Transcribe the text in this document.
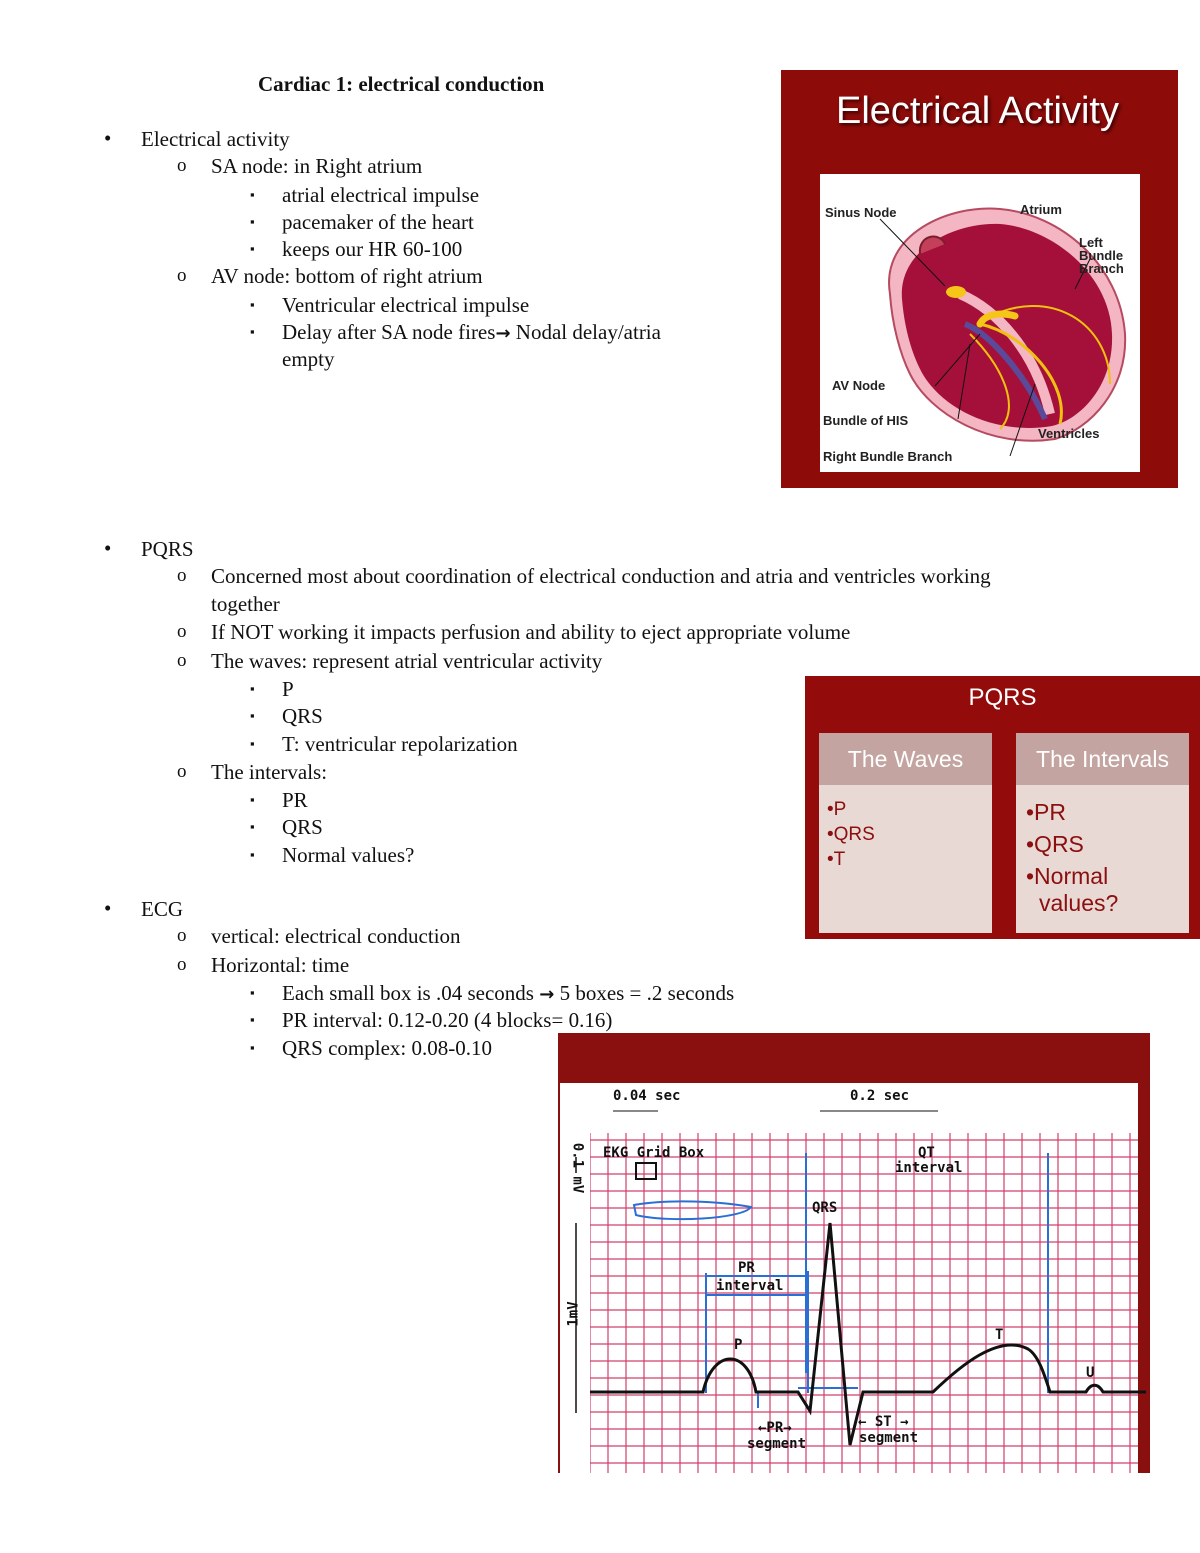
Cardiac 1: electrical conduction
• Electrical activity
o SA node: in Right atrium
▪ atrial electrical impulse
▪ pacemaker of the heart
▪ keeps our HR 60-100
o AV node: bottom of right atrium
▪ Ventricular electrical impulse
▪ Delay after SA node fires→ Nodal delay/atria
empty
Electrical Activity
Sinus Node	Atrium
Left
Bundle
Branch
AV Node
Bundle of HIS
Ventricles
Right Bundle Branch
• PQRS
o Concerned most about coordination of electrical conduction and atria and ventricles working
together
o If NOT working it impacts perfusion and ability to eject appropriate volume
o The waves: represent atrial ventricular activity
▪ P
▪ QRS
▪ T: ventricular repolarization
o The intervals:
▪ PR
▪ QRS
▪ Normal values?
PQRS
The Waves
•P
•QRS
•T
The Intervals
•PR
•QRS
•Normal
values?
• ECG
o vertical: electrical conduction
o Horizontal: time
▪ Each small box is .04 seconds → 5 boxes = .2 seconds
▪ PR interval: 0.12-0.20 (4 blocks= 0.16)
▪ QRS complex: 0.08-0.10
0.04 sec	0.2 sec
EKG Grid Box	QT
interval
QRS
PR
interval
P
T
U
0.1 mV
1mV
←PR→
segment
← ST →
segment
